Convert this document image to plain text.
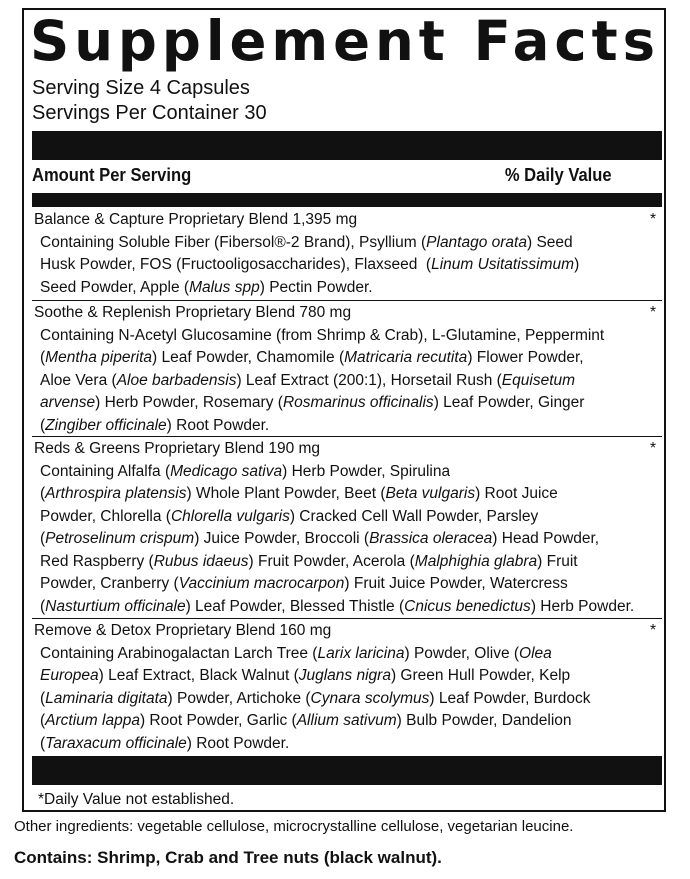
Supplement Facts
Serving Size 4 Capsules
Servings Per Container 30
Amount Per Serving	% Daily Value
Balance & Capture Proprietary Blend 1,395 mg	*
Containing Soluble Fiber (Fibersol®-2 Brand), Psyllium (Plantago orata) Seed
Husk Powder, FOS (Fructooligosaccharides), Flaxseed  (Linum Usitatissimum)
Seed Powder, Apple (Malus spp) Pectin Powder.
Soothe & Replenish Proprietary Blend 780 mg	*
Containing N-Acetyl Glucosamine (from Shrimp & Crab), L-Glutamine, Peppermint
(Mentha piperita) Leaf Powder, Chamomile (Matricaria recutita) Flower Powder,
Aloe Vera (Aloe barbadensis) Leaf Extract (200:1), Horsetail Rush (Equisetum
arvense) Herb Powder, Rosemary (Rosmarinus officinalis) Leaf Powder, Ginger
(Zingiber officinale) Root Powder.
Reds & Greens Proprietary Blend 190 mg	*
Containing Alfalfa (Medicago sativa) Herb Powder, Spirulina
(Arthrospira platensis) Whole Plant Powder, Beet (Beta vulgaris) Root Juice
Powder, Chlorella (Chlorella vulgaris) Cracked Cell Wall Powder, Parsley
(Petroselinum crispum) Juice Powder, Broccoli (Brassica oleracea) Head Powder,
Red Raspberry (Rubus idaeus) Fruit Powder, Acerola (Malphighia glabra) Fruit
Powder, Cranberry (Vaccinium macrocarpon) Fruit Juice Powder, Watercress
(Nasturtium officinale) Leaf Powder, Blessed Thistle (Cnicus benedictus) Herb Powder.
Remove & Detox Proprietary Blend 160 mg	*
Containing Arabinogalactan Larch Tree (Larix laricina) Powder, Olive (Olea
Europea) Leaf Extract, Black Walnut (Juglans nigra) Green Hull Powder, Kelp
(Laminaria digitata) Powder, Artichoke (Cynara scolymus) Leaf Powder, Burdock
(Arctium lappa) Root Powder, Garlic (Allium sativum) Bulb Powder, Dandelion
(Taraxacum officinale) Root Powder.
*Daily Value not established.
Other ingredients: vegetable cellulose, microcrystalline cellulose, vegetarian leucine.
Contains: Shrimp, Crab and Tree nuts (black walnut).
